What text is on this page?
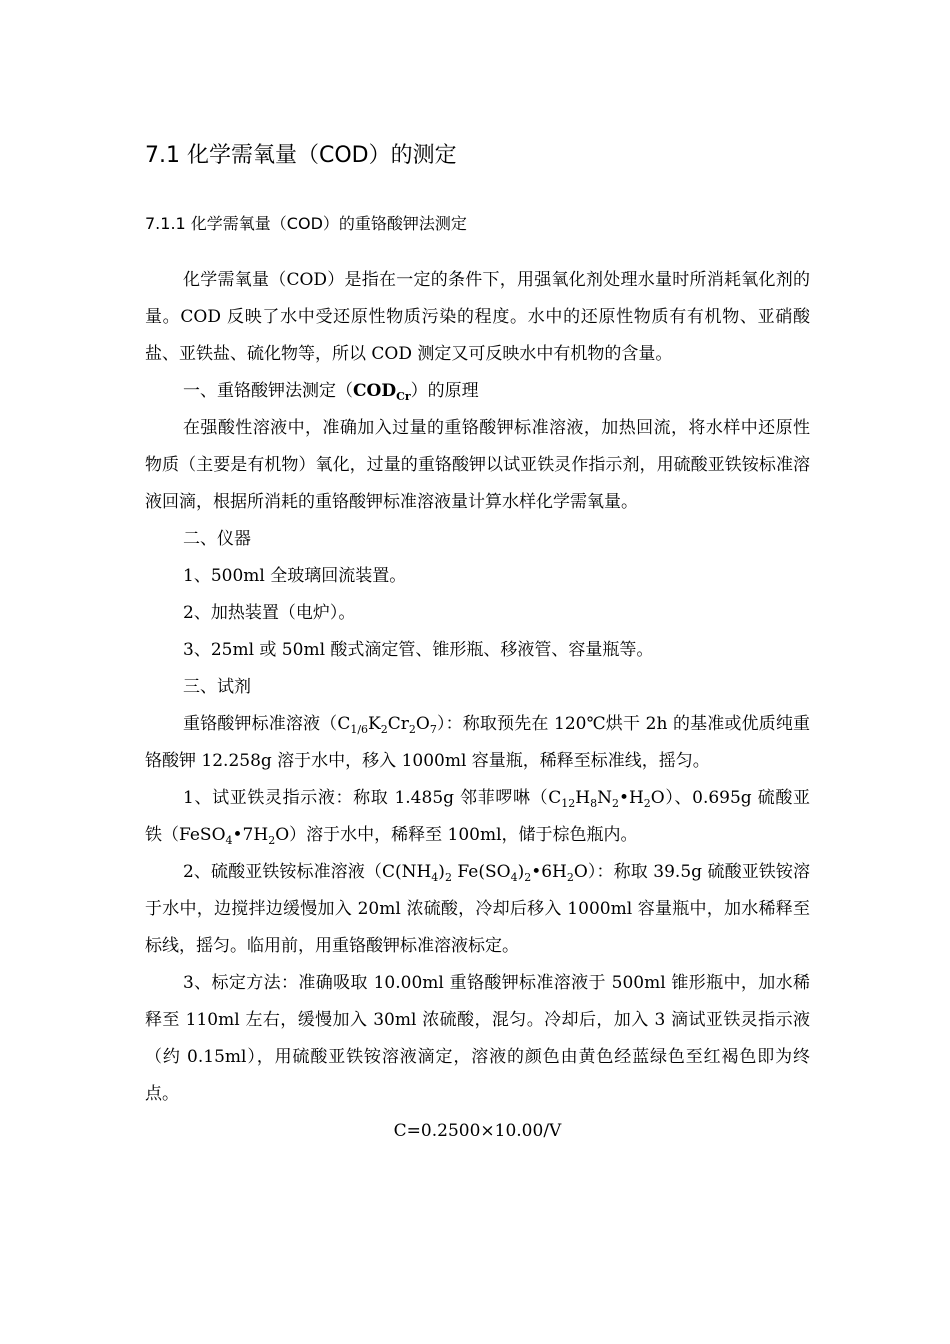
7.1 化学需氧量（COD）的测定
7.1.1 化学需氧量（COD）的重铬酸钾法测定

化学需氧量（COD）是指在一定的条件下，用强氧化剂处理水量时所消耗氧化剂的量。COD 反映了水中受还原性物质污染的程度。水中的还原性物质有有机物、亚硝酸盐、亚铁盐、硫化物等，所以 COD 测定又可反映水中有机物的含量。

一、重铬酸钾法测定$(COD_{Cr})$的原理

在强酸性溶液中，准确加入过量的重铬酸钾标准溶液，加热回流，将水样中还原性物质（主要是有机物）氧化，过量的重铬酸钾以试亚铁灵作指示剂，用硫酸亚铁铵标准溶液回滴，根据所消耗的重铬酸钾标准溶液量计算水样化学需氧量。

二、仪器

1、500ml 全玻璃回流装置。

2、加热装置（电炉）。

3、25ml 或 50ml 酸式滴定管、锥形瓶、移液管、容量瓶等。

三、试剂

重铬酸钾标准溶液$(C_{1/6}K_2Cr_2O_7)$：称取预先在 120℃烘干 2h 的基准或优质纯重铬酸钾 12.258g 溶于水中，移入 1000ml 容量瓶，稀释至标准线，摇匀。

1、试亚铁灵指示液：称取 1.485g 邻菲啰啉$(C_{12}H_8N_2•H_2O)$、0.695g 硫酸亚铁$(FeSO_4•7H_2O)$溶于水中，稀释至 100ml，储于棕色瓶内。

2、硫酸亚铁铵标准溶液（$C(NH_4)_2$ $Fe(SO_4)_2•6H_2O$）：称取 39.5g 硫酸亚铁铵溶于水中，边搅拌边缓慢加入 20ml 浓硫酸，冷却后移入 1000ml 容量瓶中，加水稀释至标线，摇匀。临用前，用重铬酸钾标准溶液标定。

3、标定方法：准确吸取 10.00ml 重铬酸钾标准溶液于 500ml 锥形瓶中，加水稀释至 110ml 左右，缓慢加入 30ml 浓硫酸，混匀。冷却后，加入 3 滴试亚铁灵指示液（约 0.15ml），用硫酸亚铁铵溶液滴定，溶液的颜色由黄色经蓝绿色至红褐色即为终点。

C=0.2500×10.00/V
